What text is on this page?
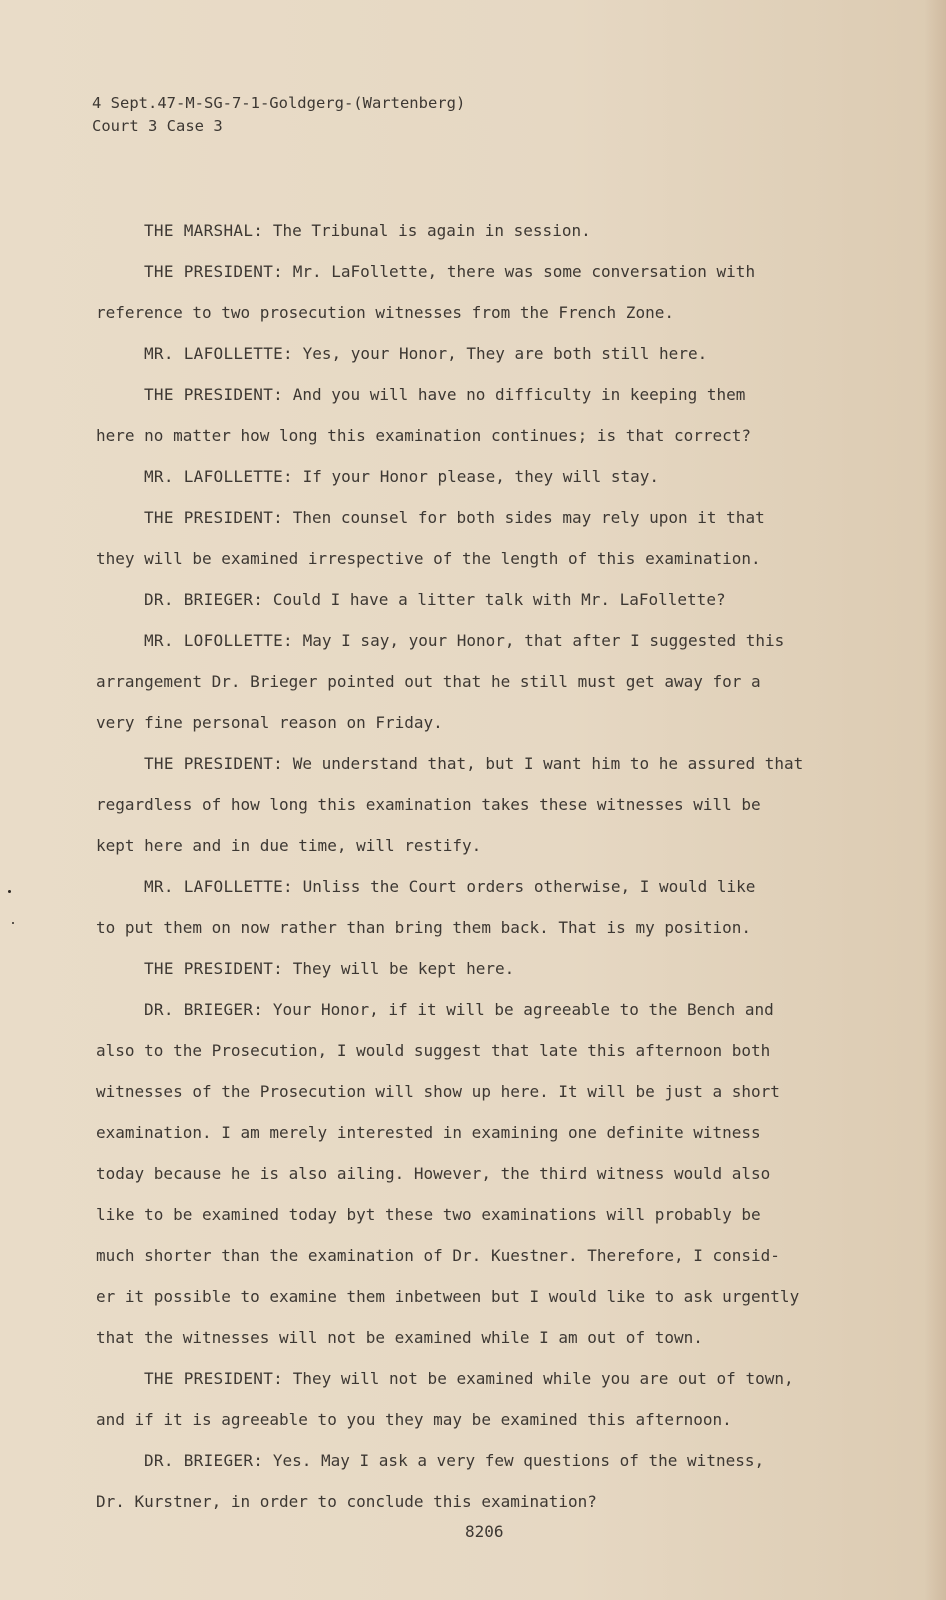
4 Sept.47-M-SG-7-1-Goldgerg-(Wartenberg)
Court 3 Case 3
THE MARSHAL: The Tribunal is again in session.
THE PRESIDENT: Mr. LaFollette, there was some conversation with
reference to two prosecution witnesses from the French Zone.
MR. LAFOLLETTE: Yes, your Honor, They are both still here.
THE PRESIDENT: And you will have no difficulty in keeping them
here no matter how long this examination continues; is that correct?
MR. LAFOLLETTE: If your Honor please, they will stay.
THE PRESIDENT: Then counsel for both sides may rely upon it that
they will be examined irrespective of the length of this examination.
DR. BRIEGER: Could I have a litter talk with Mr. LaFollette?
MR. LOFOLLETTE: May I say, your Honor, that after I suggested this
arrangement Dr. Brieger pointed out that he still must get away for a
very fine personal reason on Friday.
THE PRESIDENT: We understand that, but I want him to he assured that
regardless of how long this examination takes these witnesses will be
kept here and in due time, will restify.
MR. LAFOLLETTE: Unliss the Court orders otherwise, I would like
to put them on now rather than bring them back. That is my position.
THE PRESIDENT: They will be kept here.
DR. BRIEGER: Your Honor, if it will be agreeable to the Bench and
also to the Prosecution, I would suggest that late this afternoon both
witnesses of the Prosecution will show up here. It will be just a short
examination. I am merely interested in examining one definite witness
today because he is also ailing. However, the third witness would also
like to be examined today byt these two examinations will probably be
much shorter than the examination of Dr. Kuestner. Therefore, I consid-
er it possible to examine them inbetween but I would like to ask urgently
that the witnesses will not be examined while I am out of town.
THE PRESIDENT: They will not be examined while you are out of town,
and if it is agreeable to you they may be examined this afternoon.
DR. BRIEGER: Yes. May I ask a very few questions of the witness,
Dr. Kurstner, in order to conclude this examination?
8206
